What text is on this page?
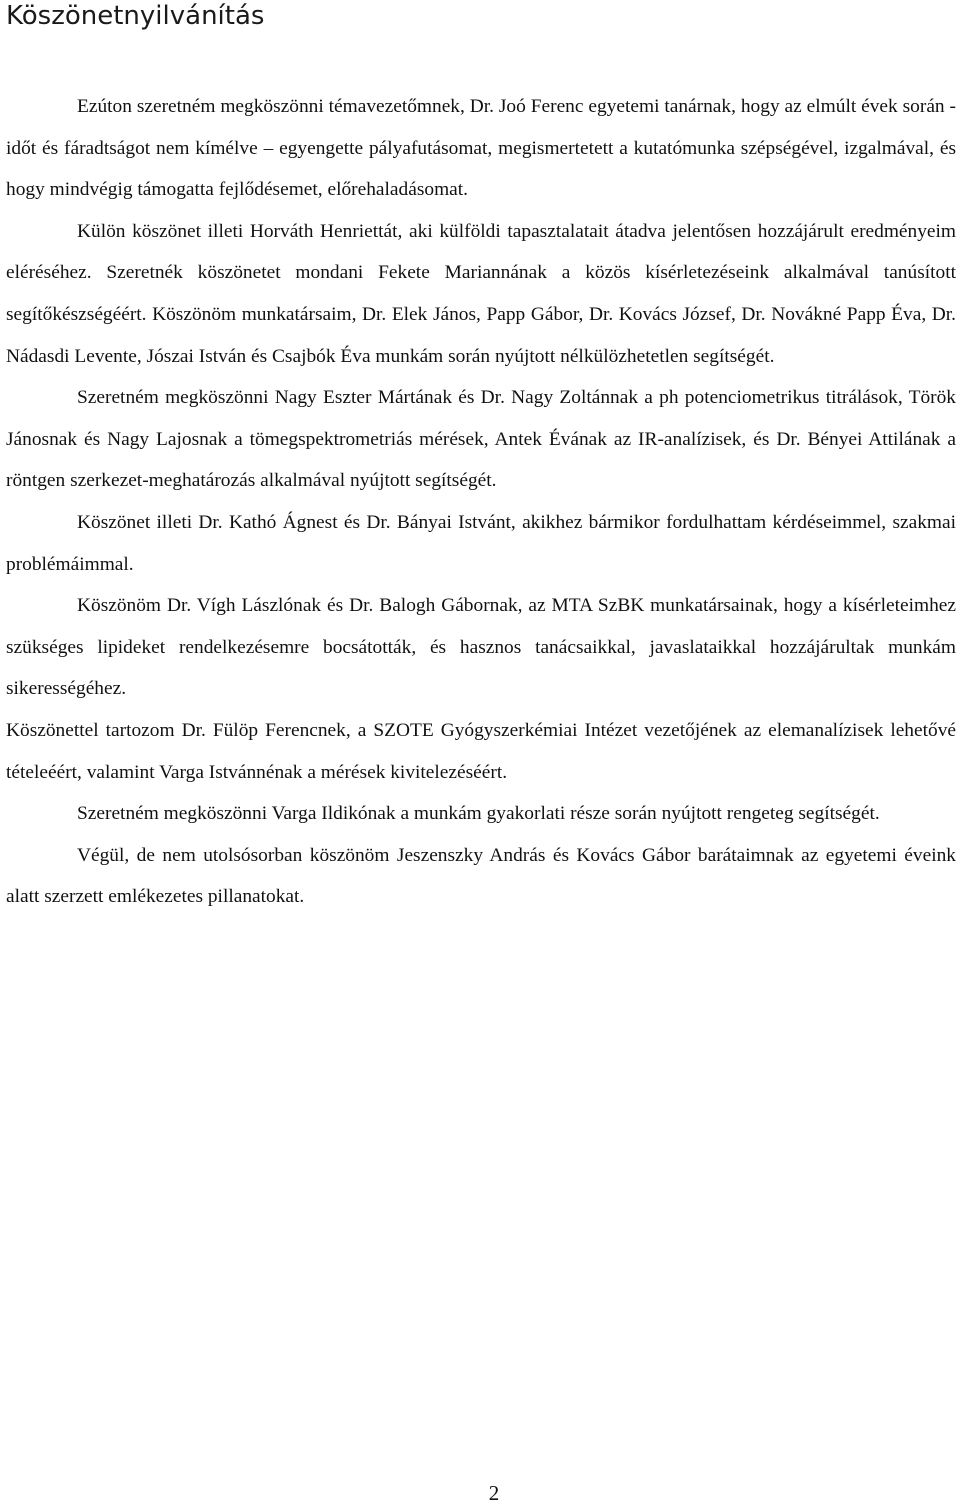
Köszönetnyilvánítás

Ezúton szeretném megköszönni témavezetőmnek, Dr. Joó Ferenc egyetemi tanárnak, hogy az elmúlt évek során - időt és fáradtságot nem kímélve – egyengette pályafutásomat, megismertetett a kutatómunka szépségével, izgalmával, és hogy mindvégig támogatta fejlődésemet, előrehaladásomat.

Külön köszönet illeti Horváth Henriettát, aki külföldi tapasztalatait átadva jelentősen hozzájárult eredményeim eléréséhez. Szeretnék köszönetet mondani Fekete Mariannának a közös kísérletezéseink alkalmával tanúsított segítőkészségéért. Köszönöm munkatársaim, Dr. Elek János, Papp Gábor, Dr. Kovács József, Dr. Novákné Papp Éva, Dr. Nádasdi Levente, Jószai István és Csajbók Éva munkám során nyújtott nélkülözhetetlen segítségét.

Szeretném megköszönni Nagy Eszter Mártának és Dr. Nagy Zoltánnak a ph potenciometrikus titrálások, Török Jánosnak és Nagy Lajosnak a tömegspektrometriás mérések, Antek Évának az IR-analízisek, és Dr. Bényei Attilának a röntgen szerkezet-meghatározás alkalmával nyújtott segítségét.

Köszönet illeti Dr. Kathó Ágnest és Dr. Bányai Istvánt, akikhez bármikor fordulhattam kérdéseimmel, szakmai problémáimmal.

Köszönöm Dr. Vígh Lászlónak és Dr. Balogh Gábornak, az MTA SzBK munkatársainak, hogy a kísérleteimhez szükséges lipideket rendelkezésemre bocsátották, és hasznos tanácsaikkal, javaslataikkal hozzájárultak munkám sikerességéhez.

Köszönettel tartozom Dr. Fülöp Ferencnek, a SZOTE Gyógyszerkémiai Intézet vezetőjének az elemanalízisek lehetővé tételeéért, valamint Varga Istvánnénak a mérések kivitelezéséért.

Szeretném megköszönni Varga Ildikónak a munkám gyakorlati része során nyújtott rengeteg segítségét.

Végül, de nem utolsósorban köszönöm Jeszenszky András és Kovács Gábor barátaimnak az egyetemi éveink alatt szerzett emlékezetes pillanatokat.

2
